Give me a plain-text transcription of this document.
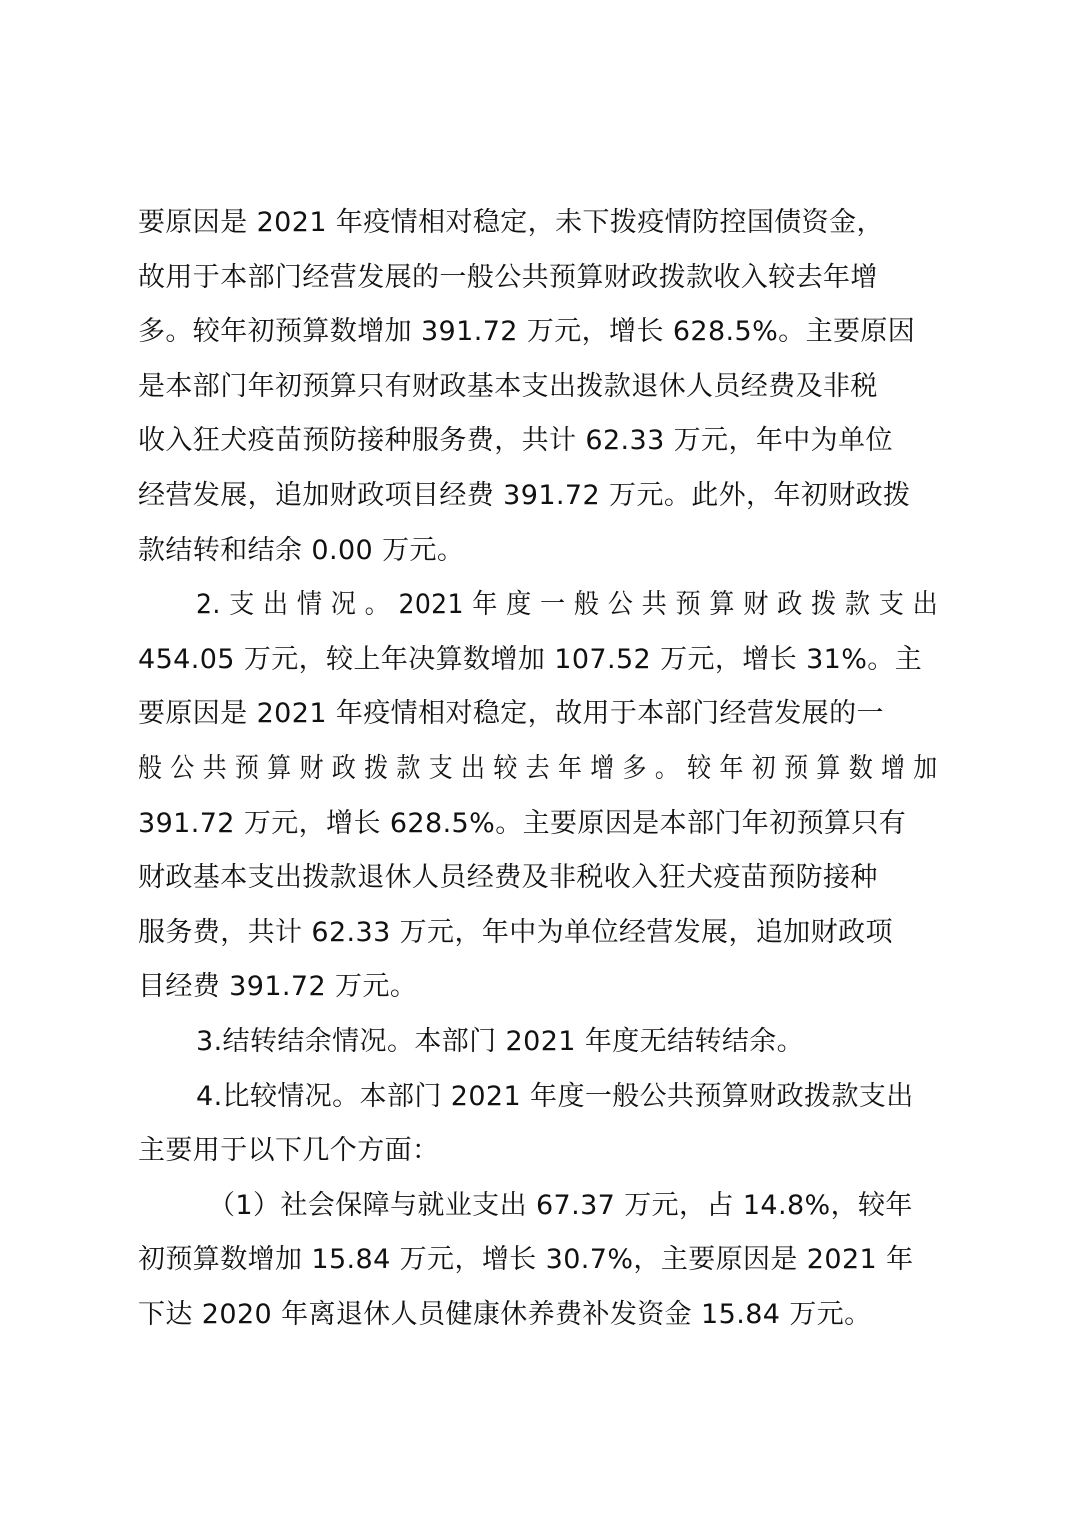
要原因是 2021 年疫情相对稳定，未下拨疫情防控国债资金，
故用于本部门经营发展的一般公共预算财政拨款收入较去年增
多。较年初预算数增加 391.72 万元，增长 628.5%。主要原因
是本部门年初预算只有财政基本支出拨款退休人员经费及非税
收入狂犬疫苗预防接种服务费，共计 62.33 万元，年中为单位
经营发展，追加财政项目经费 391.72 万元。此外，年初财政拨
款结转和结余 0.00 万元。
2. 支 出 情 况 。 2021 年 度 一 般 公 共 预 算 财 政 拨 款 支 出
454.05 万元，较上年决算数增加 107.52 万元，增长 31%。主
要原因是 2021 年疫情相对稳定，故用于本部门经营发展的一
般 公 共 预 算 财 政 拨 款 支 出 较 去 年 增 多 。 较 年 初 预 算 数 增 加
391.72 万元，增长 628.5%。主要原因是本部门年初预算只有
财政基本支出拨款退休人员经费及非税收入狂犬疫苗预防接种
服务费，共计 62.33 万元，年中为单位经营发展，追加财政项
目经费 391.72 万元。
3.结转结余情况。本部门 2021 年度无结转结余。
4.比较情况。本部门 2021 年度一般公共预算财政拨款支出
主要用于以下几个方面：
（1）社会保障与就业支出 67.37 万元，占 14.8%，较年
初预算数增加 15.84 万元，增长 30.7%，主要原因是 2021 年
下达 2020 年离退休人员健康休养费补发资金 15.84 万元。
